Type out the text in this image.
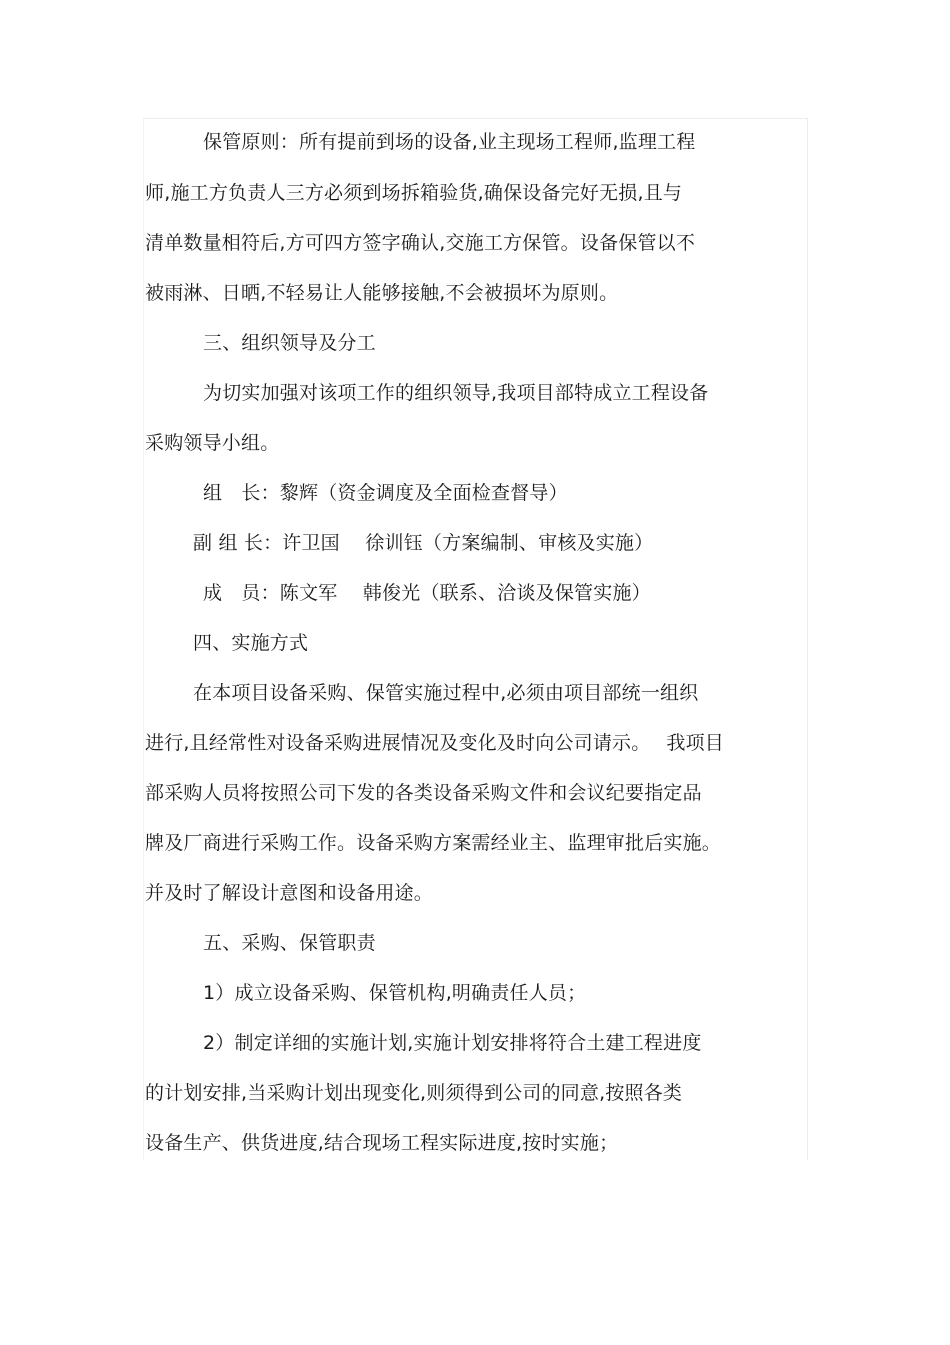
保管原则：所有提前到场的设备,业主现场工程师,监理工程
师,施工方负责人三方必须到场拆箱验货,确保设备完好无损,且与
清单数量相符后,方可四方签字确认,交施工方保管。设备保管以不
被雨淋、日晒,不轻易让人能够接触,不会被损坏为原则。
三、组织领导及分工
为切实加强对该项工作的组织领导,我项目部特成立工程设备
采购领导小组。
组　长：黎辉（资金调度及全面检查督导）
副 组 长：许卫国　 徐训钰（方案编制、审核及实施）
成　员：陈文军　 韩俊光（联系、洽谈及保管实施）
四、实施方式
在本项目设备采购、保管实施过程中,必须由项目部统一组织
进行,且经常性对设备采购进展情况及变化及时向公司请示。　 我项目
部采购人员将按照公司下发的各类设备采购文件和会议纪要指定品
牌及厂商进行采购工作。设备采购方案需经业主、监理审批后实施。
并及时了解设计意图和设备用途。
五、采购、保管职责
1）成立设备采购、保管机构,明确责任人员；
2）制定详细的实施计划,实施计划安排将符合土建工程进度
的计划安排,当采购计划出现变化,则须得到公司的同意,按照各类
设备生产、供货进度,结合现场工程实际进度,按时实施；
